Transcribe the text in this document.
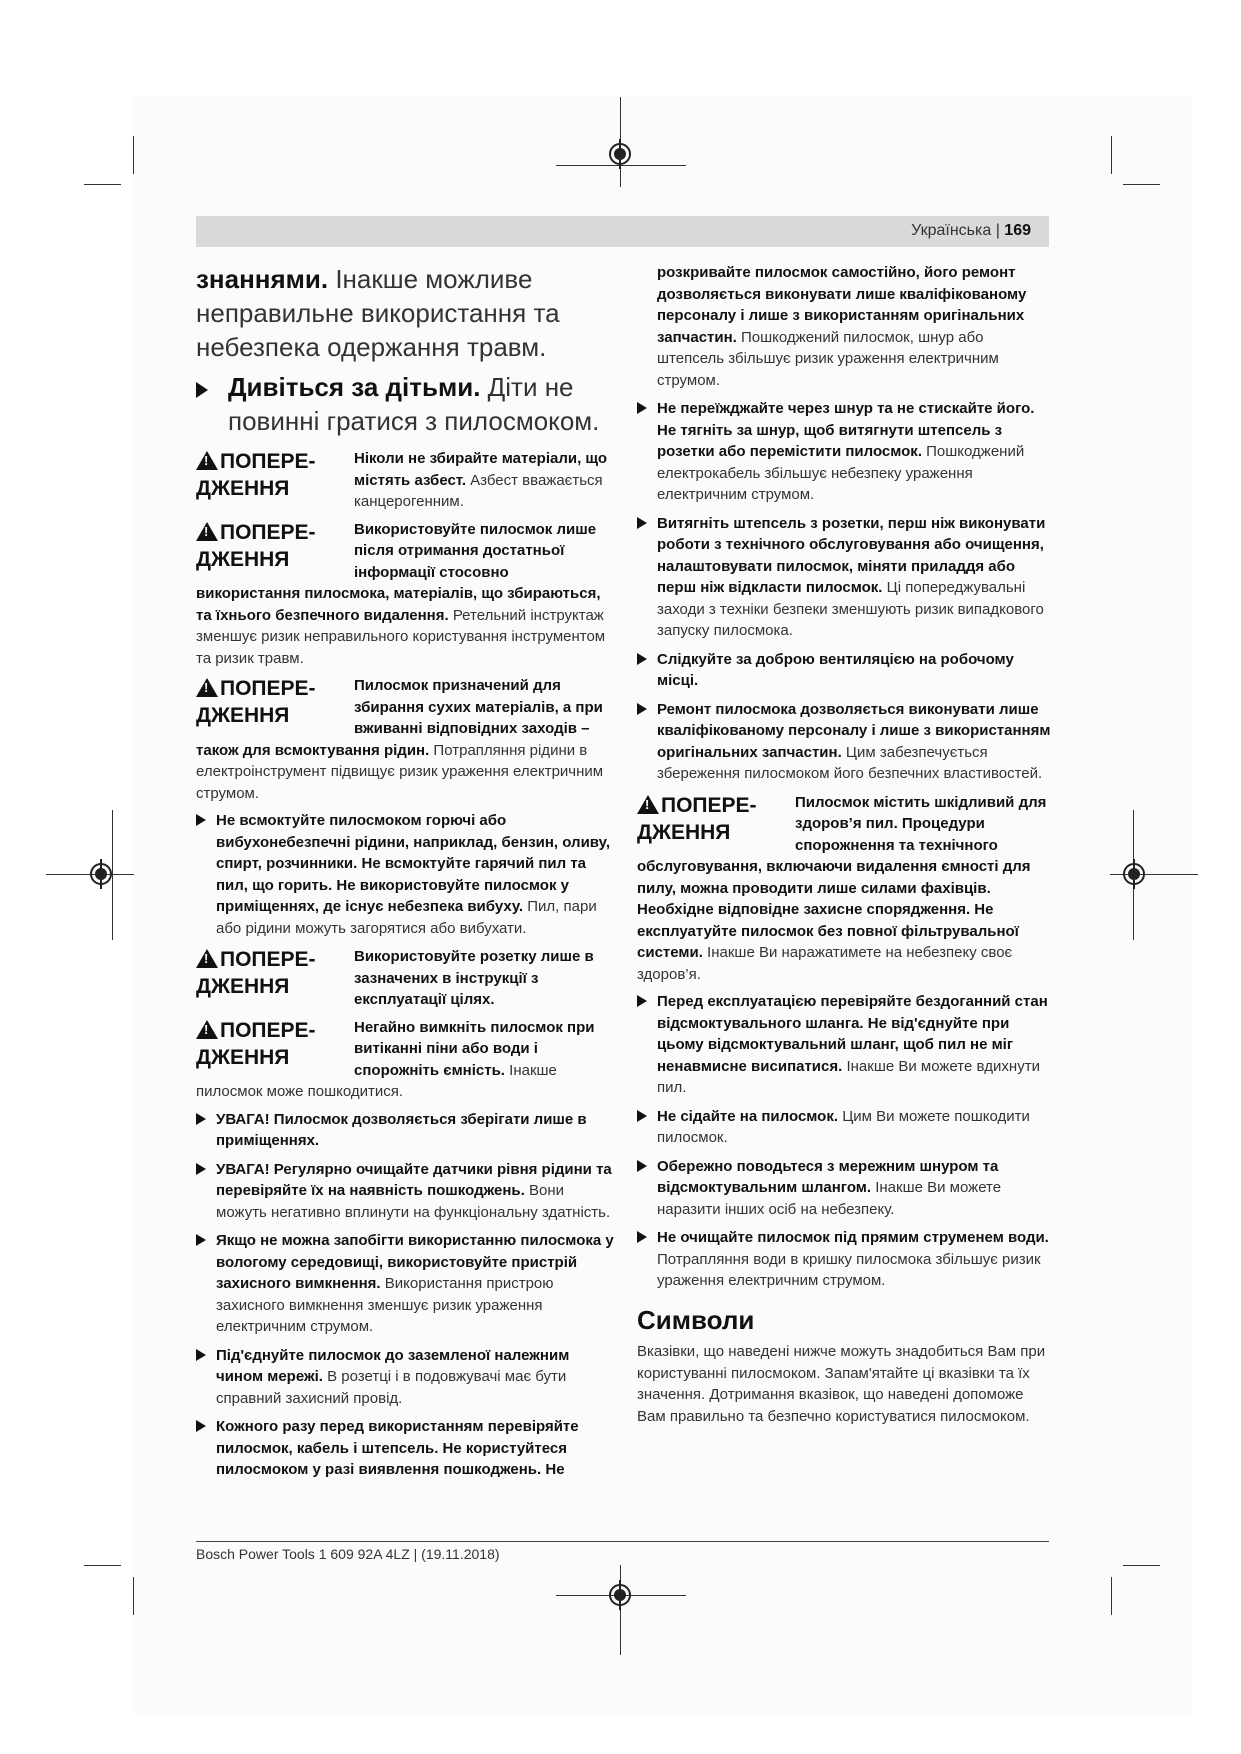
Українська | 169
знаннями. Інакше можливе неправильне використання та небезпека одержання травм.
Дивіться за дітьми. Діти не повинні гратися з пилосмоком.
!ПОПЕРЕ-ДЖЕННЯ
Ніколи не збирайте матеріали, що містять азбест. Азбест вважається канцерогенним.
!ПОПЕРЕ-ДЖЕННЯ
Використовуйте пилосмок лише після отримання достатньої інформації стосовно використання пилосмока, матеріалів, що збираються, та їхнього безпечного видалення. Ретельний інструктаж зменшує ризик неправильного користування інструментом та ризик травм.
!ПОПЕРЕ-ДЖЕННЯ
Пилосмок призначений для збирання сухих матеріалів, а при вживанні відповідних заходів – також для всмоктування рідин. Потрапляння рідини в електроінструмент підвищує ризик ураження електричним струмом.
Не всмоктуйте пилосмоком горючі або вибухонебезпечні рідини, наприклад, бензин, оливу, спирт, розчинники. Не всмоктуйте гарячий пил та пил, що горить. Не використовуйте пилосмок у приміщеннях, де існує небезпека вибуху. Пил, пари або рідини можуть загорятися або вибухати.
!ПОПЕРЕ-ДЖЕННЯ
Використовуйте розетку лише в зазначених в інструкції з експлуатації цілях.
!ПОПЕРЕ-ДЖЕННЯ
Негайно вимкніть пилосмок при витіканні піни або води і спорожніть ємність. Інакше пилосмок може пошкодитися.
УВАГА! Пилосмок дозволяється зберігати лише в приміщеннях.
УВАГА! Регулярно очищайте датчики рівня рідини та перевіряйте їх на наявність пошкоджень. Вони можуть негативно вплинути на функціональну здатність.
Якщо не можна запобігти використанню пилосмока у вологому середовищі, використовуйте пристрій захисного вимкнення. Використання пристрою захисного вимкнення зменшує ризик ураження електричним струмом.
Під'єднуйте пилосмок до заземленої належним чином мережі. В розетці і в подовжувачі має бути справний захисний провід.
Кожного разу перед використанням перевіряйте пилосмок, кабель і штепсель. Не користуйтеся пилосмоком у разі виявлення пошкоджень. Не
розкривайте пилосмок самостійно, його ремонт дозволяється виконувати лише кваліфікованому персоналу і лише з використанням оригінальних запчастин. Пошкоджений пилосмок, шнур або штепсель збільшує ризик ураження електричним струмом.
Не переїжджайте через шнур та не стискайте його. Не тягніть за шнур, щоб витягнути штепсель з розетки або перемістити пилосмок. Пошкоджений електрокабель збільшує небезпеку ураження електричним струмом.
Витягніть штепсель з розетки, перш ніж виконувати роботи з технічного обслуговування або очищення, налаштовувати пилосмок, міняти приладдя або перш ніж відкласти пилосмок. Ці попереджувальні заходи з техніки безпеки зменшують ризик випадкового запуску пилосмока.
Слідкуйте за доброю вентиляцією на робочому місці.
Ремонт пилосмока дозволяється виконувати лише кваліфікованому персоналу і лише з використанням оригінальних запчастин. Цим забезпечується збереження пилосмоком його безпечних властивостей.
!ПОПЕРЕ-ДЖЕННЯ
Пилосмок містить шкідливий для здоров’я пил. Процедури спорожнення та технічного обслуговування, включаючи видалення ємності для пилу, можна проводити лише силами фахівців. Необхідне відповідне захисне спорядження. Не експлуатуйте пилосмок без повної фільтрувальної системи. Інакше Ви наражатимете на небезпеку своє здоров’я.
Перед експлуатацією перевіряйте бездоганний стан відсмоктувального шланга. Не від'єднуйте при цьому відсмоктувальний шланг, щоб пил не міг ненавмисне висипатися. Інакше Ви можете вдихнути пил.
Не сідайте на пилосмок. Цим Ви можете пошкодити пилосмок.
Обережно поводьтеся з мережним шнуром та відсмоктувальним шлангом. Інакше Ви можете наразити інших осіб на небезпеку.
Не очищайте пилосмок під прямим струменем води. Потрапляння води в кришку пилосмока збільшує ризик ураження електричним струмом.
Символи
Вказівки, що наведені нижче можуть знадобиться Вам при користуванні пилосмоком. Запам'ятайте ці вказівки та їх значення. Дотримання вказівок, що наведені допоможе Вам правильно та безпечно користуватися пилосмоком.
Bosch Power Tools 1 609 92A 4LZ | (19.11.2018)
